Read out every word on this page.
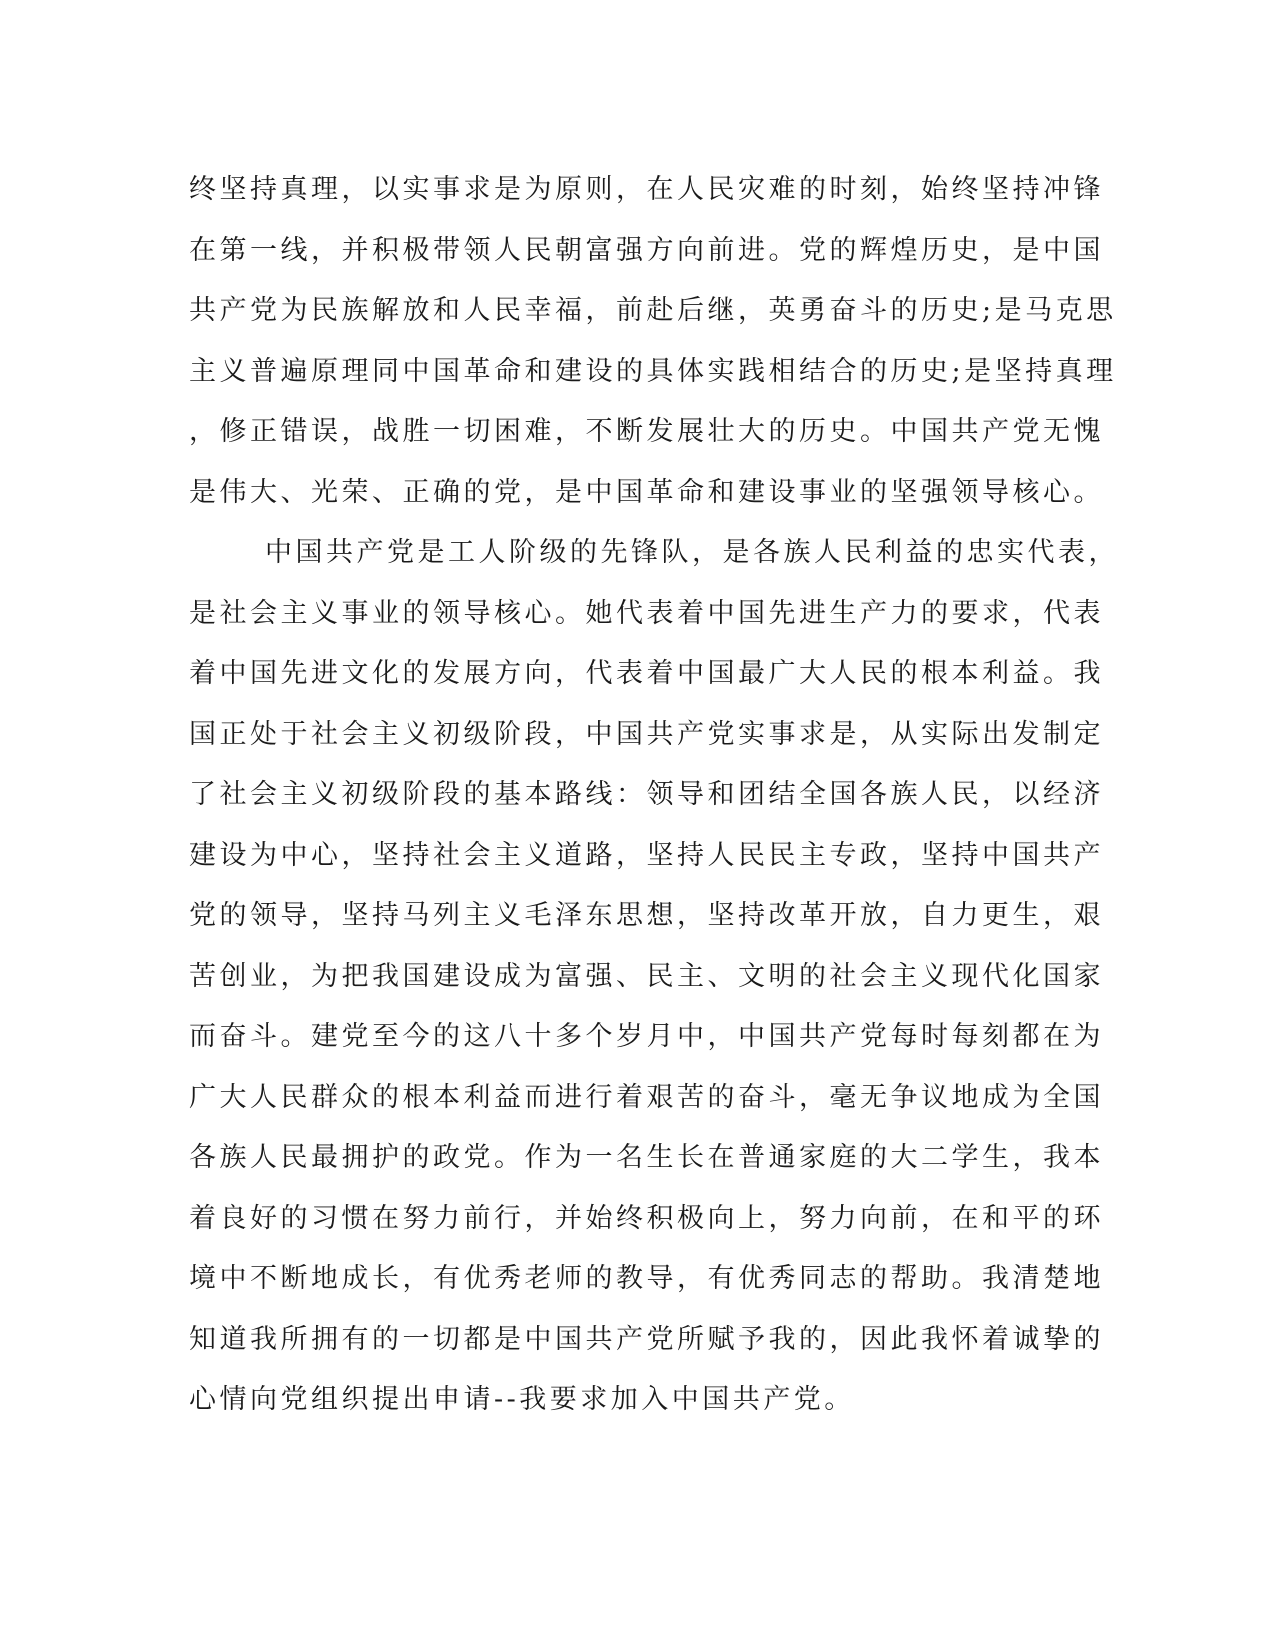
终坚持真理，以实事求是为原则，在人民灾难的时刻，始终坚持冲锋
在第一线，并积极带领人民朝富强方向前进。党的辉煌历史，是中国
共产党为民族解放和人民幸福，前赴后继，英勇奋斗的历史;是马克思
主义普遍原理同中国革命和建设的具体实践相结合的历史;是坚持真理
，修正错误，战胜一切困难，不断发展壮大的历史。中国共产党无愧
是伟大、光荣、正确的党，是中国革命和建设事业的坚强领导核心。
中国共产党是工人阶级的先锋队，是各族人民利益的忠实代表，
是社会主义事业的领导核心。她代表着中国先进生产力的要求，代表
着中国先进文化的发展方向，代表着中国最广大人民的根本利益。我
国正处于社会主义初级阶段，中国共产党实事求是，从实际出发制定
了社会主义初级阶段的基本路线：领导和团结全国各族人民，以经济
建设为中心，坚持社会主义道路，坚持人民民主专政，坚持中国共产
党的领导，坚持马列主义毛泽东思想，坚持改革开放，自力更生，艰
苦创业，为把我国建设成为富强、民主、文明的社会主义现代化国家
而奋斗。建党至今的这八十多个岁月中，中国共产党每时每刻都在为
广大人民群众的根本利益而进行着艰苦的奋斗，毫无争议地成为全国
各族人民最拥护的政党。作为一名生长在普通家庭的大二学生，我本
着良好的习惯在努力前行，并始终积极向上，努力向前，在和平的环
境中不断地成长，有优秀老师的教导，有优秀同志的帮助。我清楚地
知道我所拥有的一切都是中国共产党所赋予我的，因此我怀着诚挚的
心情向党组织提出申请--我要求加入中国共产党。
